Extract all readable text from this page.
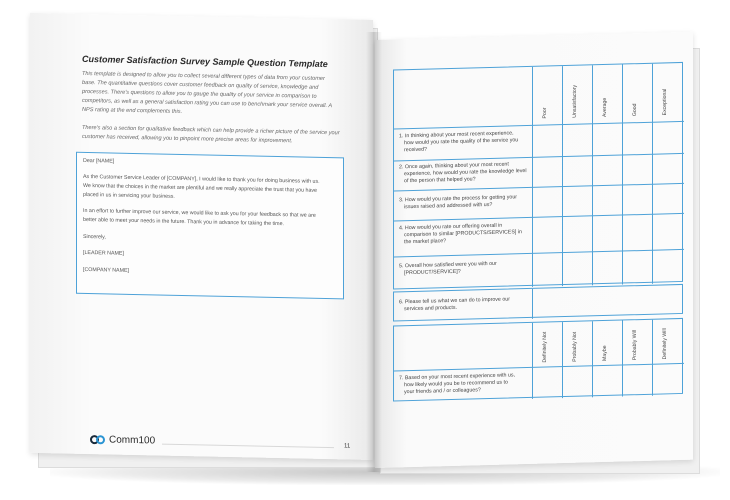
Customer Satisfaction Survey Sample Question Template
This template is designed to allow you to collect several different types of data from your customer
base. The quantitative questions cover customer feedback on quality of service, knowledge and
processes. There's questions to allow you to gauge the quality of your service in comparison to
competitors, as well as a general satisfaction rating you can use to benchmark your service overall. A
NPS rating at the end complements this.
There's also a section for qualitative feedback which can help provide a richer picture of the service your
customer has received, allowing you to pinpoint more precise areas for improvement.
Dear [NAME]
As the Customer Service Leader of [COMPANY], I would like to thank you for doing business with us.
We know that the choices in the market are plentiful and we really appreciate the trust that you have
placed in us in servicing your business.
In an effort to further improve our service, we would like to ask you for your feedback so that we are
better able to meet your needs in the future. Thank you in advance for taking the time.
Sincerely,
[LEADER NAME]
[COMPANY NAME]
Comm100
11
Poor	Unsatisfactory	Average	Good	Exceptional
1. In thinking about your most recent experience,
how would you rate the quality of the service you
received?
2. Once again, thinking about your most recent
experience, how would you rate the knowledge level
of the person that helped you?
3. How would you rate the process for getting your
issues raised and addressed with us?
4. How would you rate our offering overall in
comparison to similar [PRODUCTS/SERVICES] in
the market place?
5. Overall how satisfied were you with our
[PRODUCT/SERVICE]?
6. Please tell us what we can do to improve our
services and products.
Definitely Not	Probably Not	Maybe	Probably Will	Definitely Will
7. Based on your most recent experience with us,
how likely would you be to recommend us to
your friends and / or colleagues?
